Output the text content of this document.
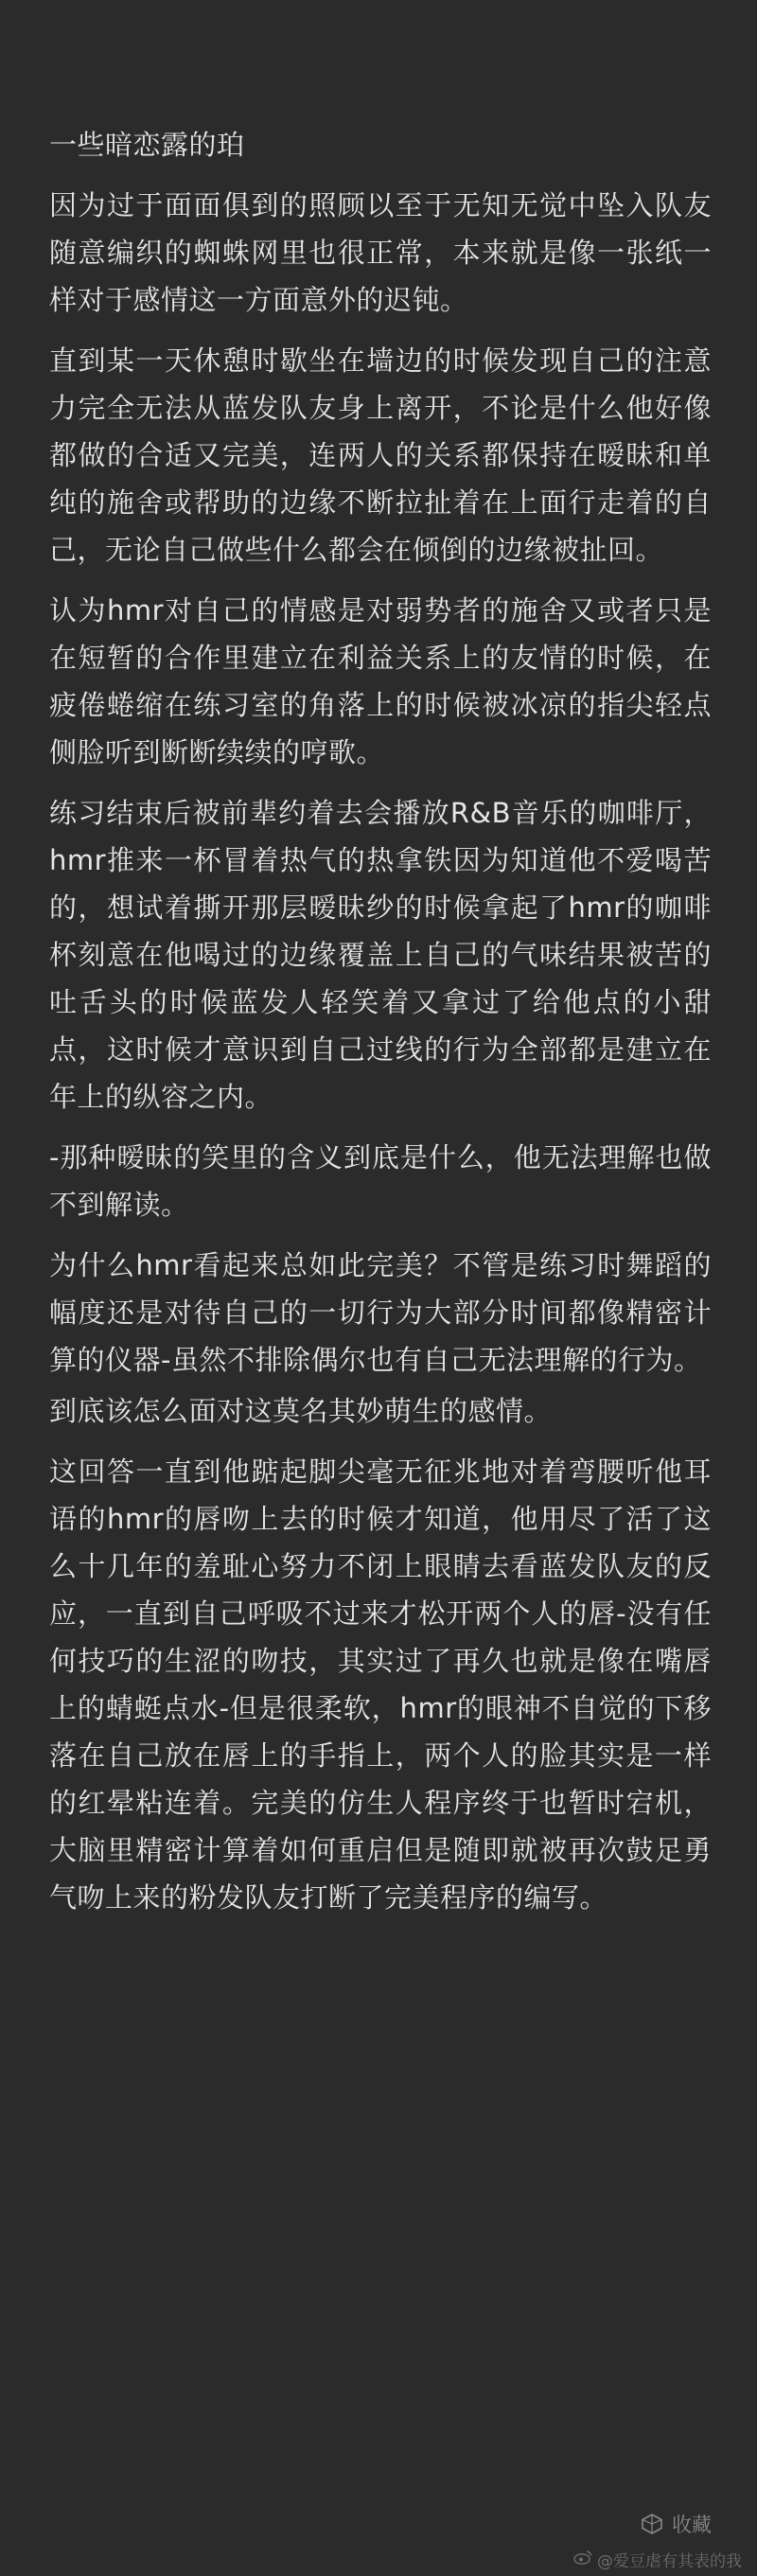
一些暗恋露的珀

因为过于面面俱到的照顾以至于无知无觉中坠入队友随意编织的蜘蛛网里也很正常，本来就是像一张纸一样对于感情这一方面意外的迟钝。

直到某一天休憩时歇坐在墙边的时候发现自己的注意力完全无法从蓝发队友身上离开，不论是什么他好像都做的合适又完美，连两人的关系都保持在暧昧和单纯的施舍或帮助的边缘不断拉扯着在上面行走着的自己，无论自己做些什么都会在倾倒的边缘被扯回。

认为hmr对自己的情感是对弱势者的施舍又或者只是在短暂的合作里建立在利益关系上的友情的时候，在疲倦蜷缩在练习室的角落上的时候被冰凉的指尖轻点侧脸听到断断续续的哼歌。

练习结束后被前辈约着去会播放R&B音乐的咖啡厅，hmr推来一杯冒着热气的热拿铁因为知道他不爱喝苦的，想试着撕开那层暧昧纱的时候拿起了hmr的咖啡杯刻意在他喝过的边缘覆盖上自己的气味结果被苦的吐舌头的时候蓝发人轻笑着又拿过了给他点的小甜点，这时候才意识到自己过线的行为全部都是建立在年上的纵容之内。

-那种暧昧的笑里的含义到底是什么，他无法理解也做不到解读。

为什么hmr看起来总如此完美？不管是练习时舞蹈的幅度还是对待自己的一切行为大部分时间都像精密计算的仪器-虽然不排除偶尔也有自己无法理解的行为。

到底该怎么面对这莫名其妙萌生的感情。

这回答一直到他踮起脚尖毫无征兆地对着弯腰听他耳语的hmr的唇吻上去的时候才知道，他用尽了活了这么十几年的羞耻心努力不闭上眼睛去看蓝发队友的反应，一直到自己呼吸不过来才松开两个人的唇-没有任何技巧的生涩的吻技，其实过了再久也就是像在嘴唇上的蜻蜓点水-但是很柔软，hmr的眼神不自觉的下移落在自己放在唇上的手指上，两个人的脸其实是一样的红晕粘连着。完美的仿生人程序终于也暂时宕机，大脑里精密计算着如何重启但是随即就被再次鼓足勇气吻上来的粉发队友打断了完美程序的编写。

收藏
@爱豆虐有其表的我
